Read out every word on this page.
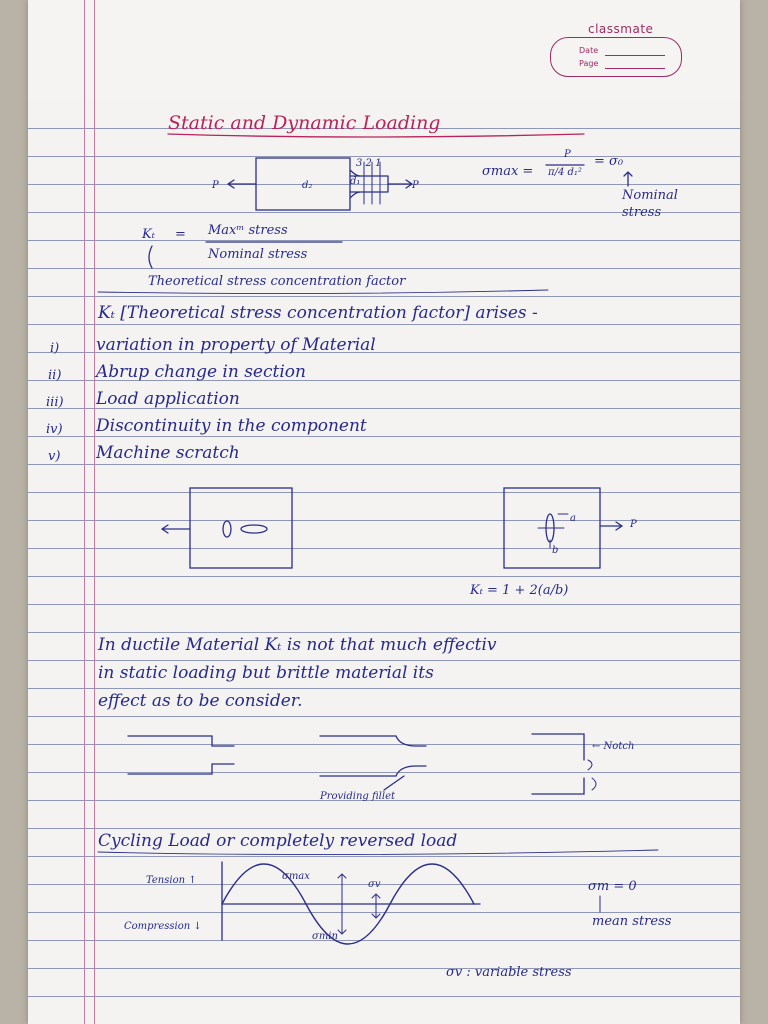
classmate
Date
Page
Static and Dynamic Loading
P	d₂	d₁
3 2 1
P
σmax =
P
π/4 d₁²
= σ₀
Nominal stress
Kₜ = Maxᵐ stress
Nominal stress
Theoretical stress concentration factor
Kₜ [Theoretical stress concentration factor] arises -
i) variation in property of Material
ii) Abrup change in section
iii) Load application
iv) Discontinuity in the component
v) Machine scratch
a
b
P
Kₜ = 1 + 2(a/b)
In ductile Material Kₜ is not that much effectiv
in static loading but brittle material its
effect as to be consider.
Providing fillet
← Notch
Cycling Load or completely reversed load
Tension ↑
Compression ↓
σmax
σmin
σv	σm = 0
mean stress
σv : variable stress
